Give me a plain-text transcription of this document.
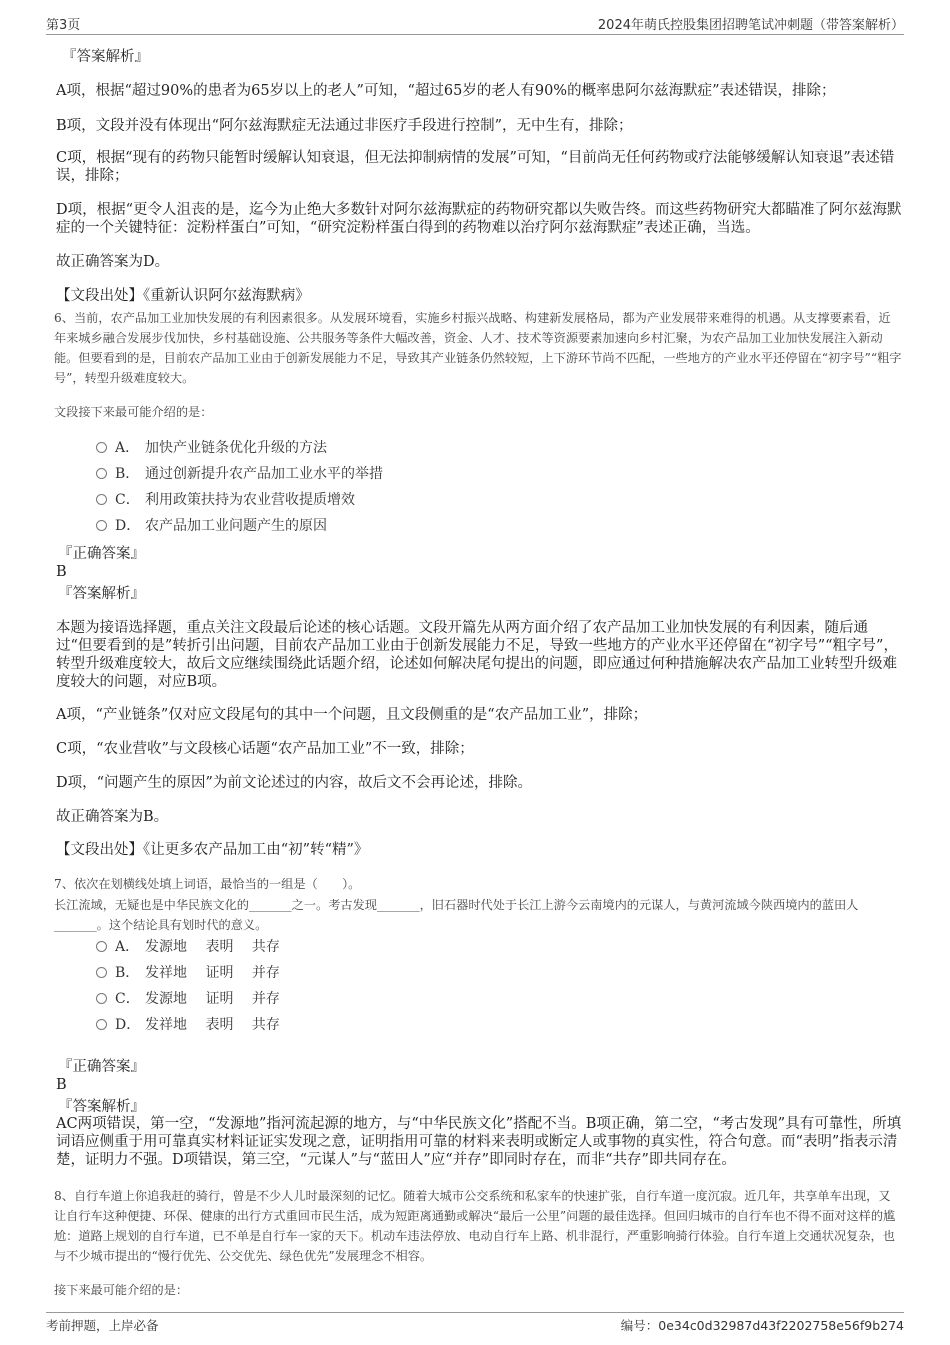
第3页	2024年萌氏控股集团招聘笔试冲刺题（带答案解析）
『答案解析』
A项，根据“超过90%的患者为65岁以上的老人”可知，“超过65岁的老人有90%的概率患阿尔兹海默症”表述错误，排除；
B项，文段并没有体现出“阿尔兹海默症无法通过非医疗手段进行控制”，无中生有，排除；
C项，根据“现有的药物只能暂时缓解认知衰退，但无法抑制病情的发展”可知，“目前尚无任何药物或疗法能够缓解认知衰退”表述错误，排除；
D项，根据“更令人沮丧的是，迄今为止绝大多数针对阿尔兹海默症的药物研究都以失败告终。而这些药物研究大都瞄准了阿尔兹海默症的一个关键特征：淀粉样蛋白”可知，“研究淀粉样蛋白得到的药物难以治疗阿尔兹海默症”表述正确，当选。
故正确答案为D。
【文段出处】《重新认识阿尔兹海默病》
6、当前，农产品加工业加快发展的有利因素很多。从发展环境看，实施乡村振兴战略、构建新发展格局，都为产业发展带来难得的机遇。从支撑要素看，近年来城乡融合发展步伐加快，乡村基础设施、公共服务等条件大幅改善，资金、人才、技术等资源要素加速向乡村汇聚，为农产品加工业加快发展注入新动能。但要看到的是，目前农产品加工业由于创新发展能力不足，导致其产业链条仍然较短，上下游环节尚不匹配，一些地方的产业水平还停留在“初字号”“粗字号”，转型升级难度较大。
文段接下来最可能介绍的是：
A． 加快产业链条优化升级的方法
B． 通过创新提升农产品加工业水平的举措
C． 利用政策扶持为农业营收提质增效
D． 农产品加工业问题产生的原因
『正确答案』
B
『答案解析』
本题为接语选择题，重点关注文段最后论述的核心话题。文段开篇先从两方面介绍了农产品加工业加快发展的有利因素，随后通过“但要看到的是”转折引出问题，目前农产品加工业由于创新发展能力不足，导致一些地方的产业水平还停留在“初字号”“粗字号”，转型升级难度较大，故后文应继续围绕此话题介绍，论述如何解决尾句提出的问题，即应通过何种措施解决农产品加工业转型升级难度较大的问题，对应B项。
A项，“产业链条”仅对应文段尾句的其中一个问题，且文段侧重的是“农产品加工业”，排除；
C项，“农业营收”与文段核心话题“农产品加工业”不一致，排除；
D项，“问题产生的原因”为前文论述过的内容，故后文不会再论述，排除。
故正确答案为B。
【文段出处】《让更多农产品加工由“初”转“精”》
7、依次在划横线处填上词语，最恰当的一组是（　　）。
长江流域，无疑也是中华民族文化的_______之一。考古发现_______，旧石器时代处于长江上游今云南境内的元谋人，与黄河流域今陕西境内的蓝田人_______。这个结论具有划时代的意义。
A． 发源地　 表明　 共存
B． 发祥地　 证明　 并存
C． 发源地　 证明　 并存
D． 发祥地　 表明　 共存
『正确答案』
B
『答案解析』
AC两项错误，第一空，“发源地”指河流起源的地方，与“中华民族文化”搭配不当。B项正确，第二空，“考古发现”具有可靠性，所填词语应侧重于用可靠真实材料证证实发现之意，证明指用可靠的材料来表明或断定人或事物的真实性，符合句意。而“表明”指表示清楚，证明力不强。D项错误，第三空，“元谋人”与“蓝田人”应“并存”即同时存在，而非“共存”即共同存在。
8、自行车道上你追我赶的骑行，曾是不少人儿时最深刻的记忆。随着大城市公交系统和私家车的快速扩张，自行车道一度沉寂。近几年，共享单车出现，又让自行车这种便捷、环保、健康的出行方式重回市民生活，成为短距离通勤或解决“最后一公里”问题的最佳选择。但回归城市的自行车也不得不面对这样的尴尬：道路上规划的自行车道，已不单是自行车一家的天下。机动车违法停放、电动自行车上路、机非混行，严重影响骑行体验。自行车道上交通状况复杂，也与不少城市提出的“慢行优先、公交优先、绿色优先”发展理念不相容。
接下来最可能介绍的是：
考前押题，上岸必备	编号：0e34c0d32987d43f2202758e56f9b274
